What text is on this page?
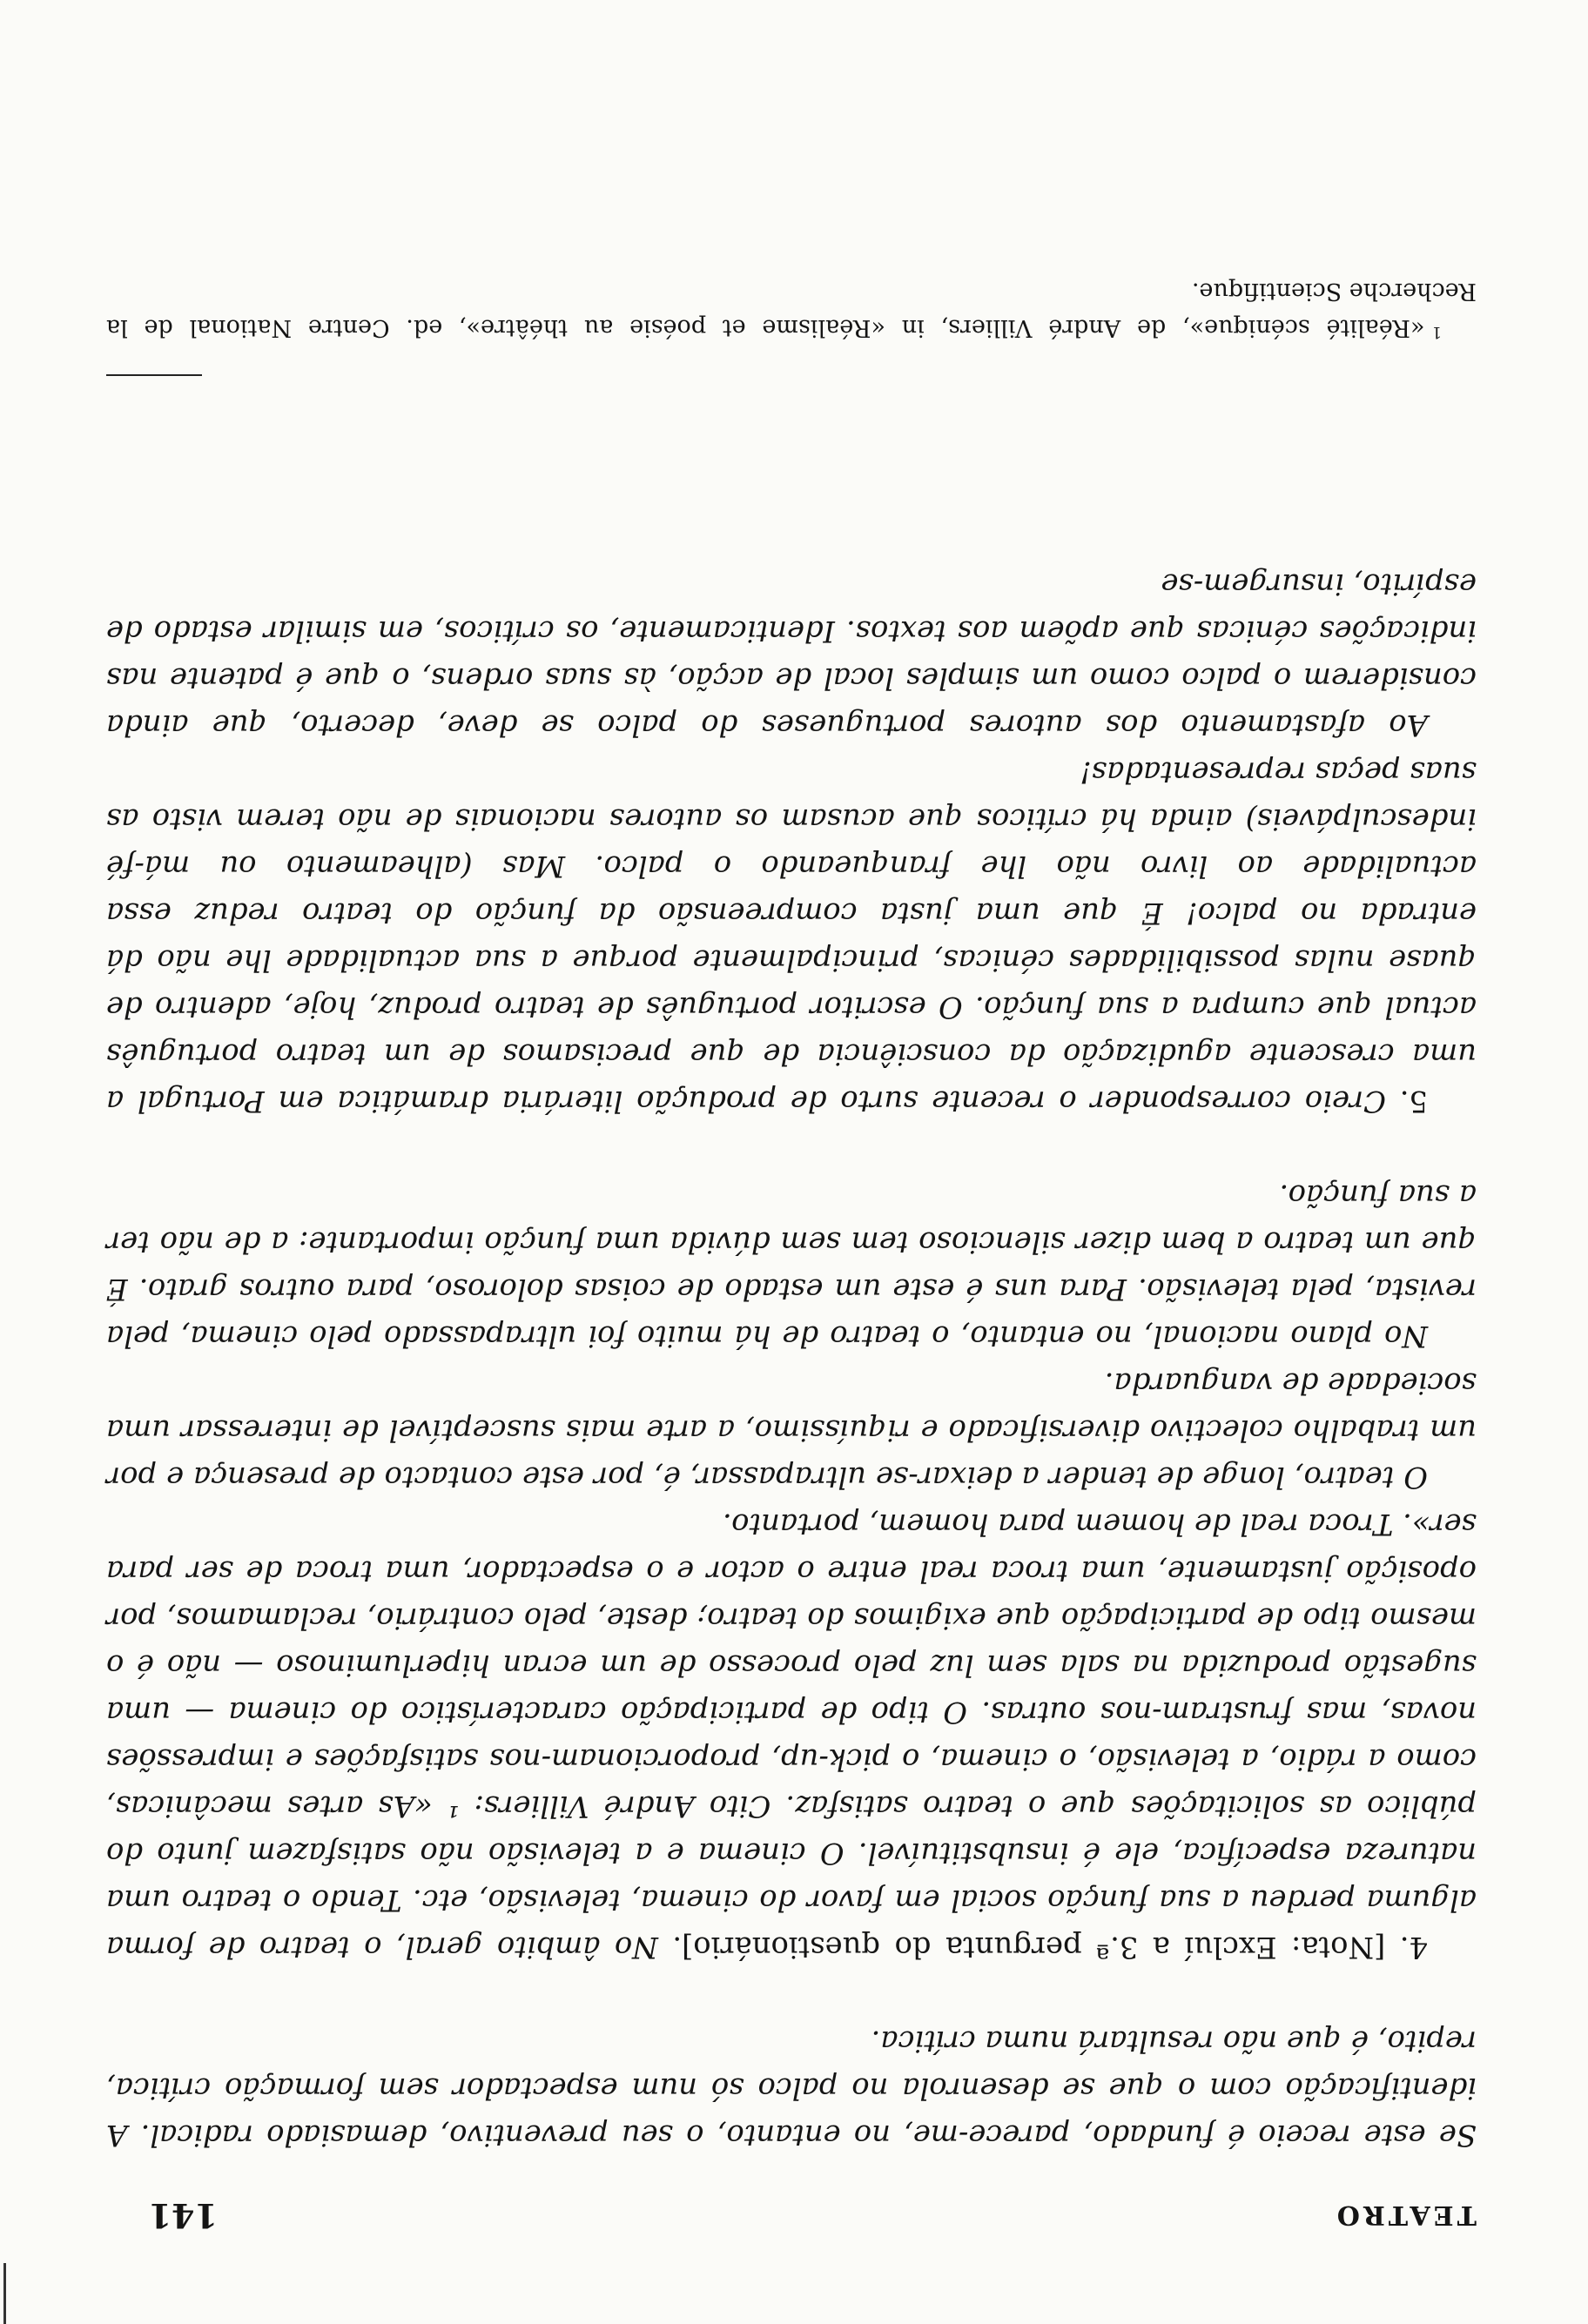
TEATRO
141

Se este receio é fundado, parece-me, no entanto, o seu preventivo, demasiado radical. A identificação com o que se desenrola no palco só num espectador sem formação crítica, repito, é que não resultará numa crítica.

4. [Nota: Excluí a 3.ª pergunta do questionário]. No âmbito geral, o teatro de forma alguma perdeu a sua função social em favor do cinema, televisão, etc. Tendo o teatro uma natureza específica, ele é insubstituível. O cinema e a televisão não satisfazem junto do público as solicitações que o teatro satisfaz. Cito André Villiers: ¹ «As artes mecânicas, como a rádio, a televisão, o cinema, o pick-up, proporcionam-nos satisfações e impressões novas, mas frustram-nos outras. O tipo de participação característico do cinema — uma sugestão produzida na sala sem luz pelo processo de um ecran hiperluminoso — não é o mesmo tipo de participação que exigimos do teatro; deste, pelo contrário, reclamamos, por oposição justamente, uma troca real entre o actor e o espectador, uma troca de ser para ser». Troca real de homem para homem, portanto.

O teatro, longe de tender a deixar-se ultrapassar, é, por este contacto de presença e por um trabalho colectivo diversificado e riquíssimo, a arte mais susceptível de interessar uma sociedade de vanguarda.

No plano nacional, no entanto, o teatro de há muito foi ultrapassado pelo cinema, pela revista, pela televisão. Para uns é este um estado de coisas doloroso, para outros grato. É que um teatro a bem dizer silencioso tem sem dúvida uma função importante: a de não ter a sua função.

5. Creio corresponder o recente surto de produção literária dramática em Portugal a uma crescente agudização da consciência de que precisamos de um teatro português actual que cumpra a sua função. O escritor português de teatro produz, hoje, adentro de quase nulas possibilidades cénicas, principalmente porque a sua actualidade lhe não dá entrada no palco! É que uma justa compreensão da função do teatro reduz essa actualidade ao livro não lhe franqueando o palco. Mas (alheamento ou má-fé indesculpáveis) ainda há críticos que acusam os autores nacionais de não terem visto as suas peças representadas!

Ao afastamento dos autores portugueses do palco se deve, decerto, que ainda considerem o palco como um simples local de acção, às suas ordens, o que é patente nas indicações cénicas que apõem aos textos. Identicamente, os críticos, em similar estado de espírito, insurgem-se

$^1$«Réalité scénique», de André Villiers, in «Réalisme et poésie au théâtre», ed. Centre National de la Recherche Scientifique.
